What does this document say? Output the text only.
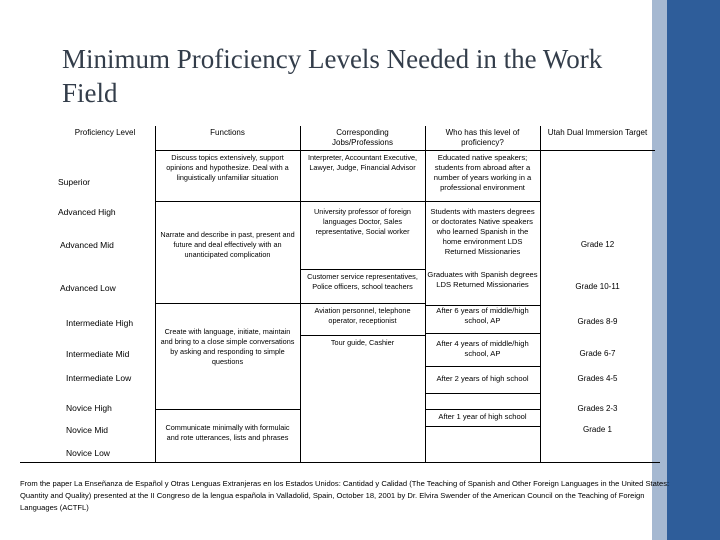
Minimum Proficiency Levels Needed in the Work Field
Proficiency Level	Functions	Corresponding Jobs/Professions
Who has this level of proficiency?
Utah Dual Immersion Target
Superior
Advanced High
Advanced Mid
Advanced Low
Intermediate High
Intermediate Mid
Intermediate Low
Novice High
Novice Mid
Novice Low
Discuss topics extensively, support opinions and hypothesize. Deal with a linguistically unfamiliar situation
Narrate and describe in past, present and future and deal effectively with an unanticipated complication
Create with language, initiate, maintain and bring to a close simple conversations by asking and responding to simple questions
Communicate minimally with formulaic and rote utterances, lists and phrases
Interpreter, Accountant Executive, Lawyer, Judge, Financial Advisor
University professor of foreign languages Doctor, Sales representative, Social worker
Customer service representatives, Police officers, school teachers
Aviation personnel, telephone operator, receptionist
Tour guide, Cashier
Educated native speakers; students from abroad after a number of years working in a professional environment
Students with masters degrees or doctorates Native speakers who learned Spanish in the home environment LDS Returned Missionaries
Graduates with Spanish degrees LDS Returned Missionaries
After 6 years of middle/high school, AP
After 4 years of middle/high school, AP
After 2 years of high school
After 1 year of high school
Grade 12
Grade 10-11
Grades 8-9
Grade 6-7
Grades 4-5
Grades 2-3
Grade 1
From the paper La Enseñanza de Español y Otras Lenguas Extranjeras en los Estados Unidos: Cantidad y Calidad (The Teaching of Spanish and Other Foreign Languages in the United States: Quantity and Quality) presented at the II Congreso de la lengua española in Valladolid, Spain, October 18, 2001 by Dr. Elvira Swender of the American Council on the Teaching of Foreign Languages (ACTFL)
